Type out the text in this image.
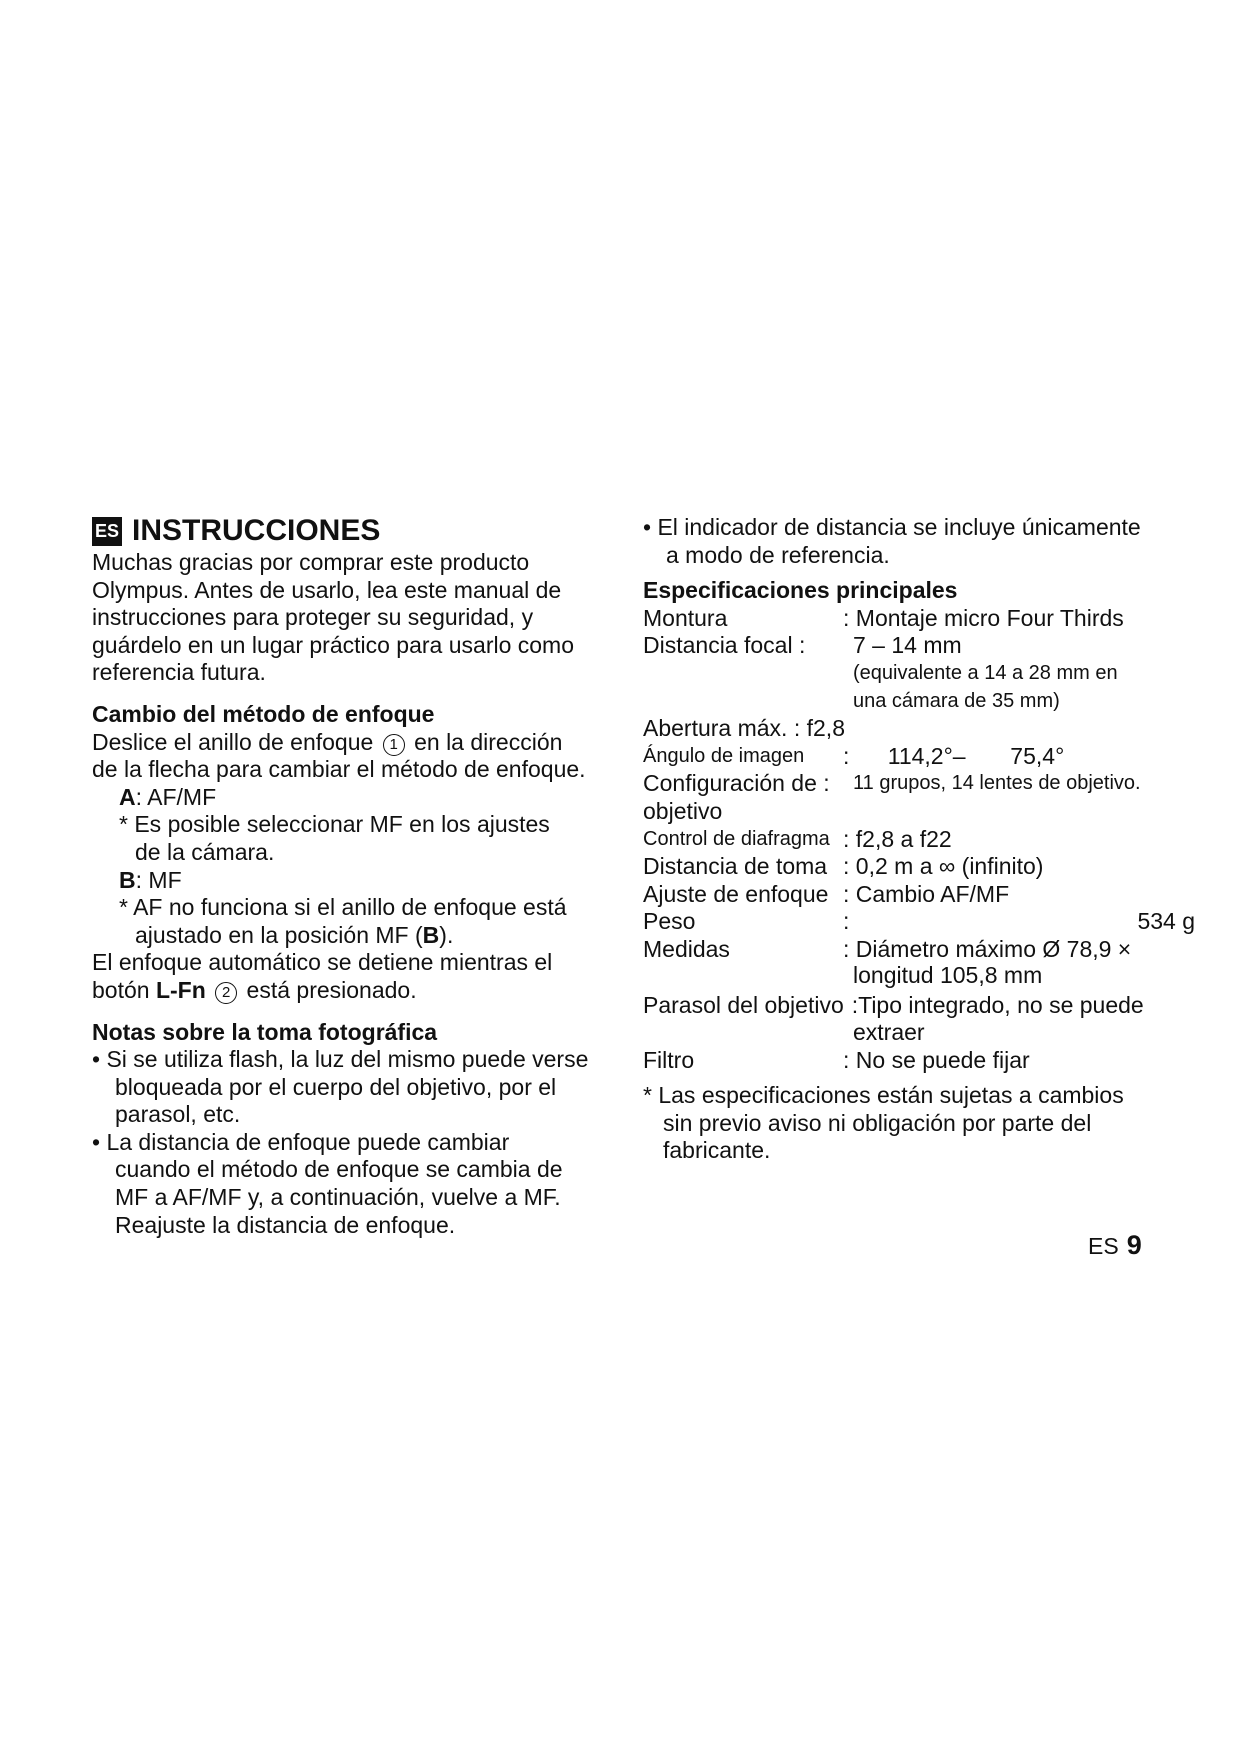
ES INSTRUCCIONES
Muchas gracias por comprar este producto
Olympus. Antes de usarlo, lea este manual de
instrucciones para proteger su seguridad, y
guárdelo en un lugar práctico para usarlo como
referencia futura.
Cambio del método de enfoque
Deslice el anillo de enfoque 1 en la dirección
de la flecha para cambiar el método de enfoque.
A: AF/MF
* Es posible seleccionar MF en los ajustes
de la cámara.
B: MF
* AF no funciona si el anillo de enfoque está
ajustado en la posición MF (B).
El enfoque automático se detiene mientras el
botón L-Fn 2 está presionado.
Notas sobre la toma fotográfica
• Si se utiliza flash, la luz del mismo puede verse
bloqueada por el cuerpo del objetivo, por el
parasol, etc.
• La distancia de enfoque puede cambiar
cuando el método de enfoque se cambia de
MF a AF/MF y, a continuación, vuelve a MF.
Reajuste la distancia de enfoque.
• El indicador de distancia se incluye únicamente
a modo de referencia.
Especificaciones principales
Montura	: Montaje micro Four Thirds
Distancia focal :	7 – 14 mm
(equivalente a 14 a 28 mm en
una cámara de 35 mm)
Abertura máx. : f2,8
Ángulo de imagen	:      114,2°–       75,4°
Configuración de :	11 grupos, 14 lentes de objetivo.
objetivo
Control de diafragma : f2,8 a f22
Distancia de toma : 0,2 m a ∞ (infinito)
Ajuste de enfoque : Cambio AF/MF
Peso	:	534 g
Medidas	: Diámetro máximo Ø 78,9 ×
longitud 105,8 mm
Parasol del objetivo :Tipo integrado, no se puede
extraer
Filtro	: No se puede fijar
* Las especificaciones están sujetas a cambios
sin previo aviso ni obligación por parte del
fabricante.
ES 9
